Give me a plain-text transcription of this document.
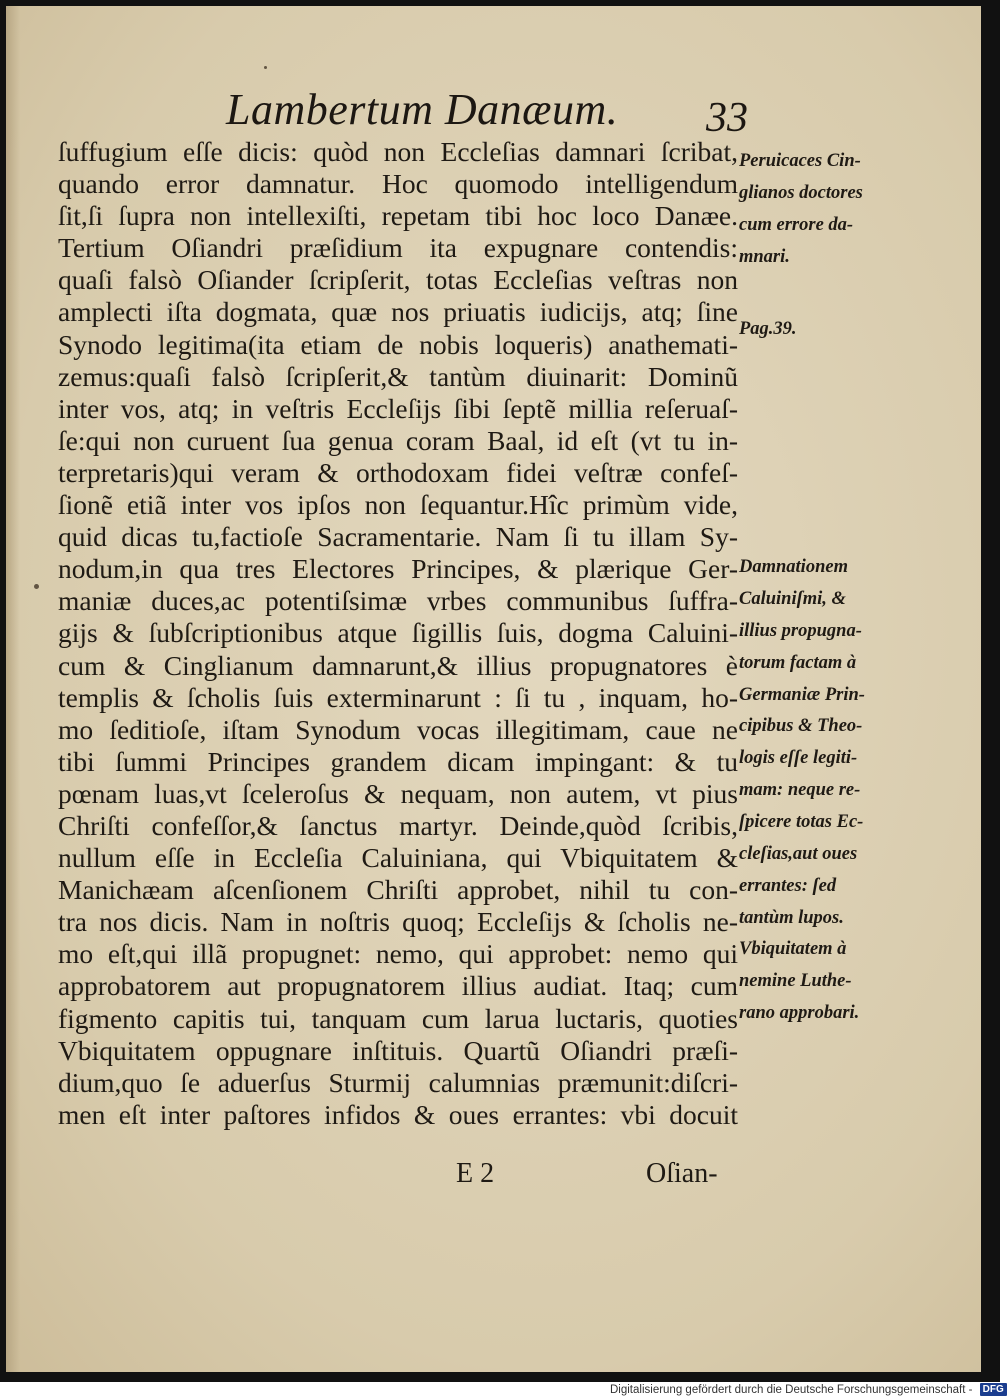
Lambertum Danæum. 33
ſuffugium eſſe dicis: quòd non Eccleſias damnari ſcribat,
quando error damnatur. Hoc quomodo intelligendum
ſit,ſi ſupra non intellexiſti, repetam tibi hoc loco Danæe.
Tertium Oſiandri præſidium ita expugnare contendis:
quaſi falsò Oſiander ſcripſerit, totas Eccleſias veſtras non
amplecti iſta dogmata, quæ nos priuatis iudicijs, atq; ſine
Synodo legitima(ita etiam de nobis loqueris) anathemati-
zemus:quaſi falsò ſcripſerit,& tantùm diuinarit: Dominũ
inter vos, atq; in veſtris Eccleſijs ſibi ſeptẽ millia reſeruaſ-
ſe:qui non curuent ſua genua coram Baal, id eſt (vt tu in-
terpretaris)qui veram & orthodoxam fidei veſtræ confeſ-
ſionẽ etiã inter vos ipſos non ſequantur.Hîc primùm vide,
quid dicas tu,factioſe Sacramentarie. Nam ſi tu illam Sy-
nodum,in qua tres Electores Principes, & plærique Ger-
maniæ duces,ac potentiſsimæ vrbes communibus ſuffra-
gijs & ſubſcriptionibus atque ſigillis ſuis, dogma Caluini-
cum & Cinglianum damnarunt,& illius propugnatores è
templis & ſcholis ſuis exterminarunt : ſi tu , inquam, ho-
mo ſeditioſe, iſtam Synodum vocas illegitimam, caue ne
tibi ſummi Principes grandem dicam impingant: & tu
pœnam luas,vt ſceleroſus & nequam, non autem, vt pius
Chriſti confeſſor,& ſanctus martyr. Deinde,quòd ſcribis,
nullum eſſe in Eccleſia Caluiniana, qui Vbiquitatem &
Manichæam aſcenſionem Chriſti approbet, nihil tu con-
tra nos dicis. Nam in noſtris quoq; Eccleſijs & ſcholis ne-
mo eſt,qui illã propugnet: nemo, qui approbet: nemo qui
approbatorem aut propugnatorem illius audiat. Itaq; cum
figmento capitis tui, tanquam cum larua luctaris, quoties
Vbiquitatem oppugnare inſtituis. Quartũ Oſiandri præſi-
dium,quo ſe aduerſus Sturmij calumnias præmunit:diſcri-
men eſt inter paſtores infidos & oues errantes: vbi docuit
Peruicaces Cin-
glianos doctores
cum errore da-
mnari.
Pag.39.
Damnationem
Caluiniſmi, &
illius propugna-
torum factam à
Germaniæ Prin-
cipibus & Theo-
logis eſſe legiti-
mam: neque re-
ſpicere totas Ec-
cleſias,aut oues
errantes: ſed
tantùm lupos.
Vbiquitatem à
nemine Luthe-
rano approbari.
E 2	Oſian-
Digitalisierung gefördert durch die Deutsche Forschungsgemeinschaft - DFG
